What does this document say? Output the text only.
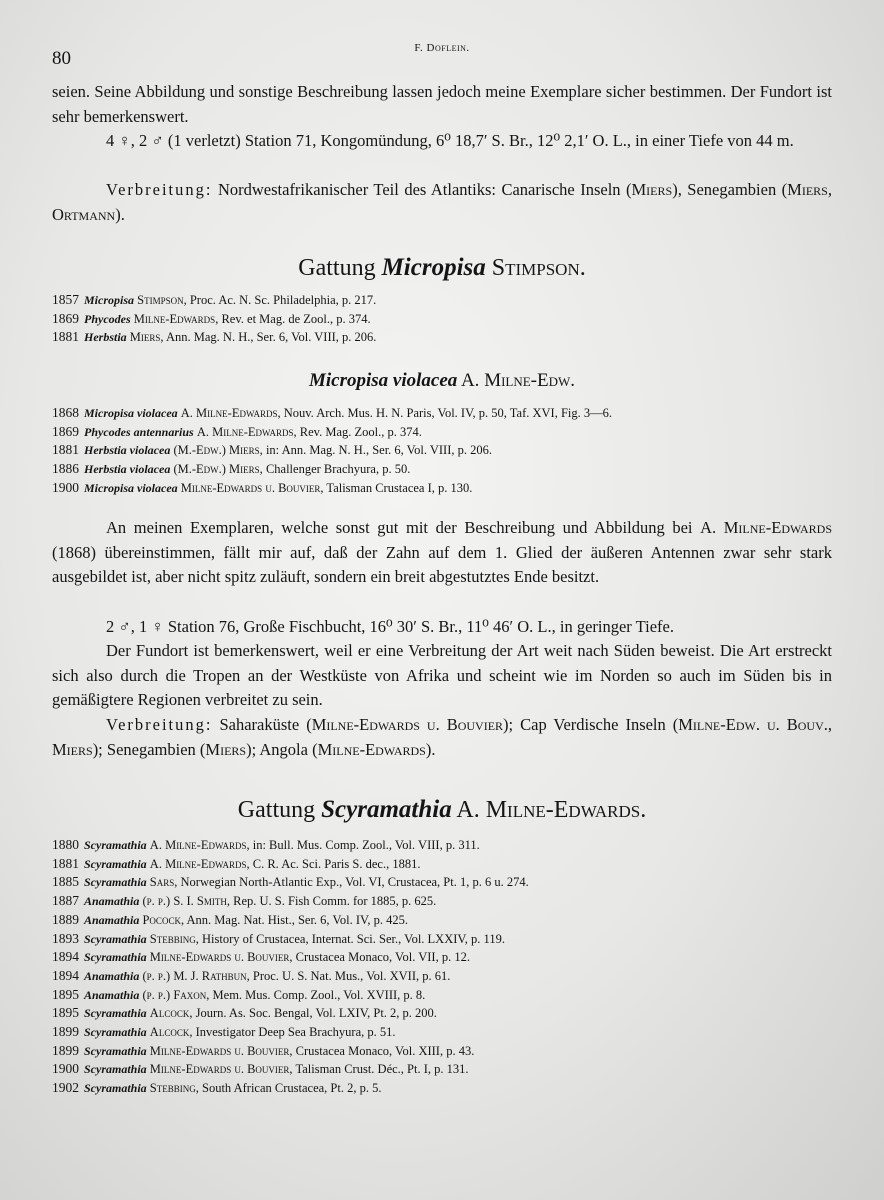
80	F. Doflein.

seien. Seine Abbildung und sonstige Beschreibung lassen jedoch meine Exemplare sicher bestimmen. Der Fundort ist sehr bemerkenswert.

4 ♀, 2 ♂ (1 verletzt) Station 71, Kongomündung, 6⁰ 18,7′ S. Br., 12⁰ 2,1′ O. L., in einer Tiefe von 44 m.

Verbreitung: Nordwestafrikanischer Teil des Atlantiks: Canarische Inseln (Miers), Senegambien (Miers, Ortmann).

Gattung Micropisa Stimpson.
1857 Micropisa Stimpson, Proc. Ac. N. Sc. Philadelphia, p. 217.
1869 Phycodes Milne-Edwards, Rev. et Mag. de Zool., p. 374.
1881 Herbstia Miers, Ann. Mag. N. H., Ser. 6, Vol. VIII, p. 206.
Micropisa violacea A. Milne-Edw.
1868 Micropisa violacea A. Milne-Edwards, Nouv. Arch. Mus. H. N. Paris, Vol. IV, p. 50, Taf. XVI, Fig. 3—6.
1869 Phycodes antennarius A. Milne-Edwards, Rev. Mag. Zool., p. 374.
1881 Herbstia violacea (M.-Edw.) Miers, in: Ann. Mag. N. H., Ser. 6, Vol. VIII, p. 206.
1886 Herbstia violacea (M.-Edw.) Miers, Challenger Brachyura, p. 50.
1900 Micropisa violacea Milne-Edwards u. Bouvier, Talisman Crustacea I, p. 130.

An meinen Exemplaren, welche sonst gut mit der Beschreibung und Abbildung bei A. Milne-Edwards (1868) übereinstimmen, fällt mir auf, daß der Zahn auf dem 1. Glied der äußeren Antennen zwar sehr stark ausgebildet ist, aber nicht spitz zuläuft, sondern ein breit abgestutztes Ende besitzt.

2 ♂, 1 ♀ Station 76, Große Fischbucht, 16⁰ 30′ S. Br., 11⁰ 46′ O. L., in geringer Tiefe.

Der Fundort ist bemerkenswert, weil er eine Verbreitung der Art weit nach Süden beweist. Die Art erstreckt sich also durch die Tropen an der Westküste von Afrika und scheint wie im Norden so auch im Süden bis in gemäßigtere Regionen verbreitet zu sein.

Verbreitung: Saharaküste (Milne-Edwards u. Bouvier); Cap Verdische Inseln (Milne-Edw. u. Bouv., Miers); Senegambien (Miers); Angola (Milne-Edwards).

Gattung Scyramathia A. Milne-Edwards.
1880 Scyramathia A. Milne-Edwards, in: Bull. Mus. Comp. Zool., Vol. VIII, p. 311.
1881 Scyramathia A. Milne-Edwards, C. R. Ac. Sci. Paris S. dec., 1881.
1885 Scyramathia Sars, Norwegian North-Atlantic Exp., Vol. VI, Crustacea, Pt. 1, p. 6 u. 274.
1887 Anamathia (p. p.) S. I. Smith, Rep. U. S. Fish Comm. for 1885, p. 625.
1889 Anamathia Pocock, Ann. Mag. Nat. Hist., Ser. 6, Vol. IV, p. 425.
1893 Scyramathia Stebbing, History of Crustacea, Internat. Sci. Ser., Vol. LXXIV, p. 119.
1894 Scyramathia Milne-Edwards u. Bouvier, Crustacea Monaco, Vol. VII, p. 12.
1894 Anamathia (p. p.) M. J. Rathbun, Proc. U. S. Nat. Mus., Vol. XVII, p. 61.
1895 Anamathia (p. p.) Faxon, Mem. Mus. Comp. Zool., Vol. XVIII, p. 8.
1895 Scyramathia Alcock, Journ. As. Soc. Bengal, Vol. LXIV, Pt. 2, p. 200.
1899 Scyramathia Alcock, Investigator Deep Sea Brachyura, p. 51.
1899 Scyramathia Milne-Edwards u. Bouvier, Crustacea Monaco, Vol. XIII, p. 43.
1900 Scyramathia Milne-Edwards u. Bouvier, Talisman Crust. Déc., Pt. I, p. 131.
1902 Scyramathia Stebbing, South African Crustacea, Pt. 2, p. 5.
